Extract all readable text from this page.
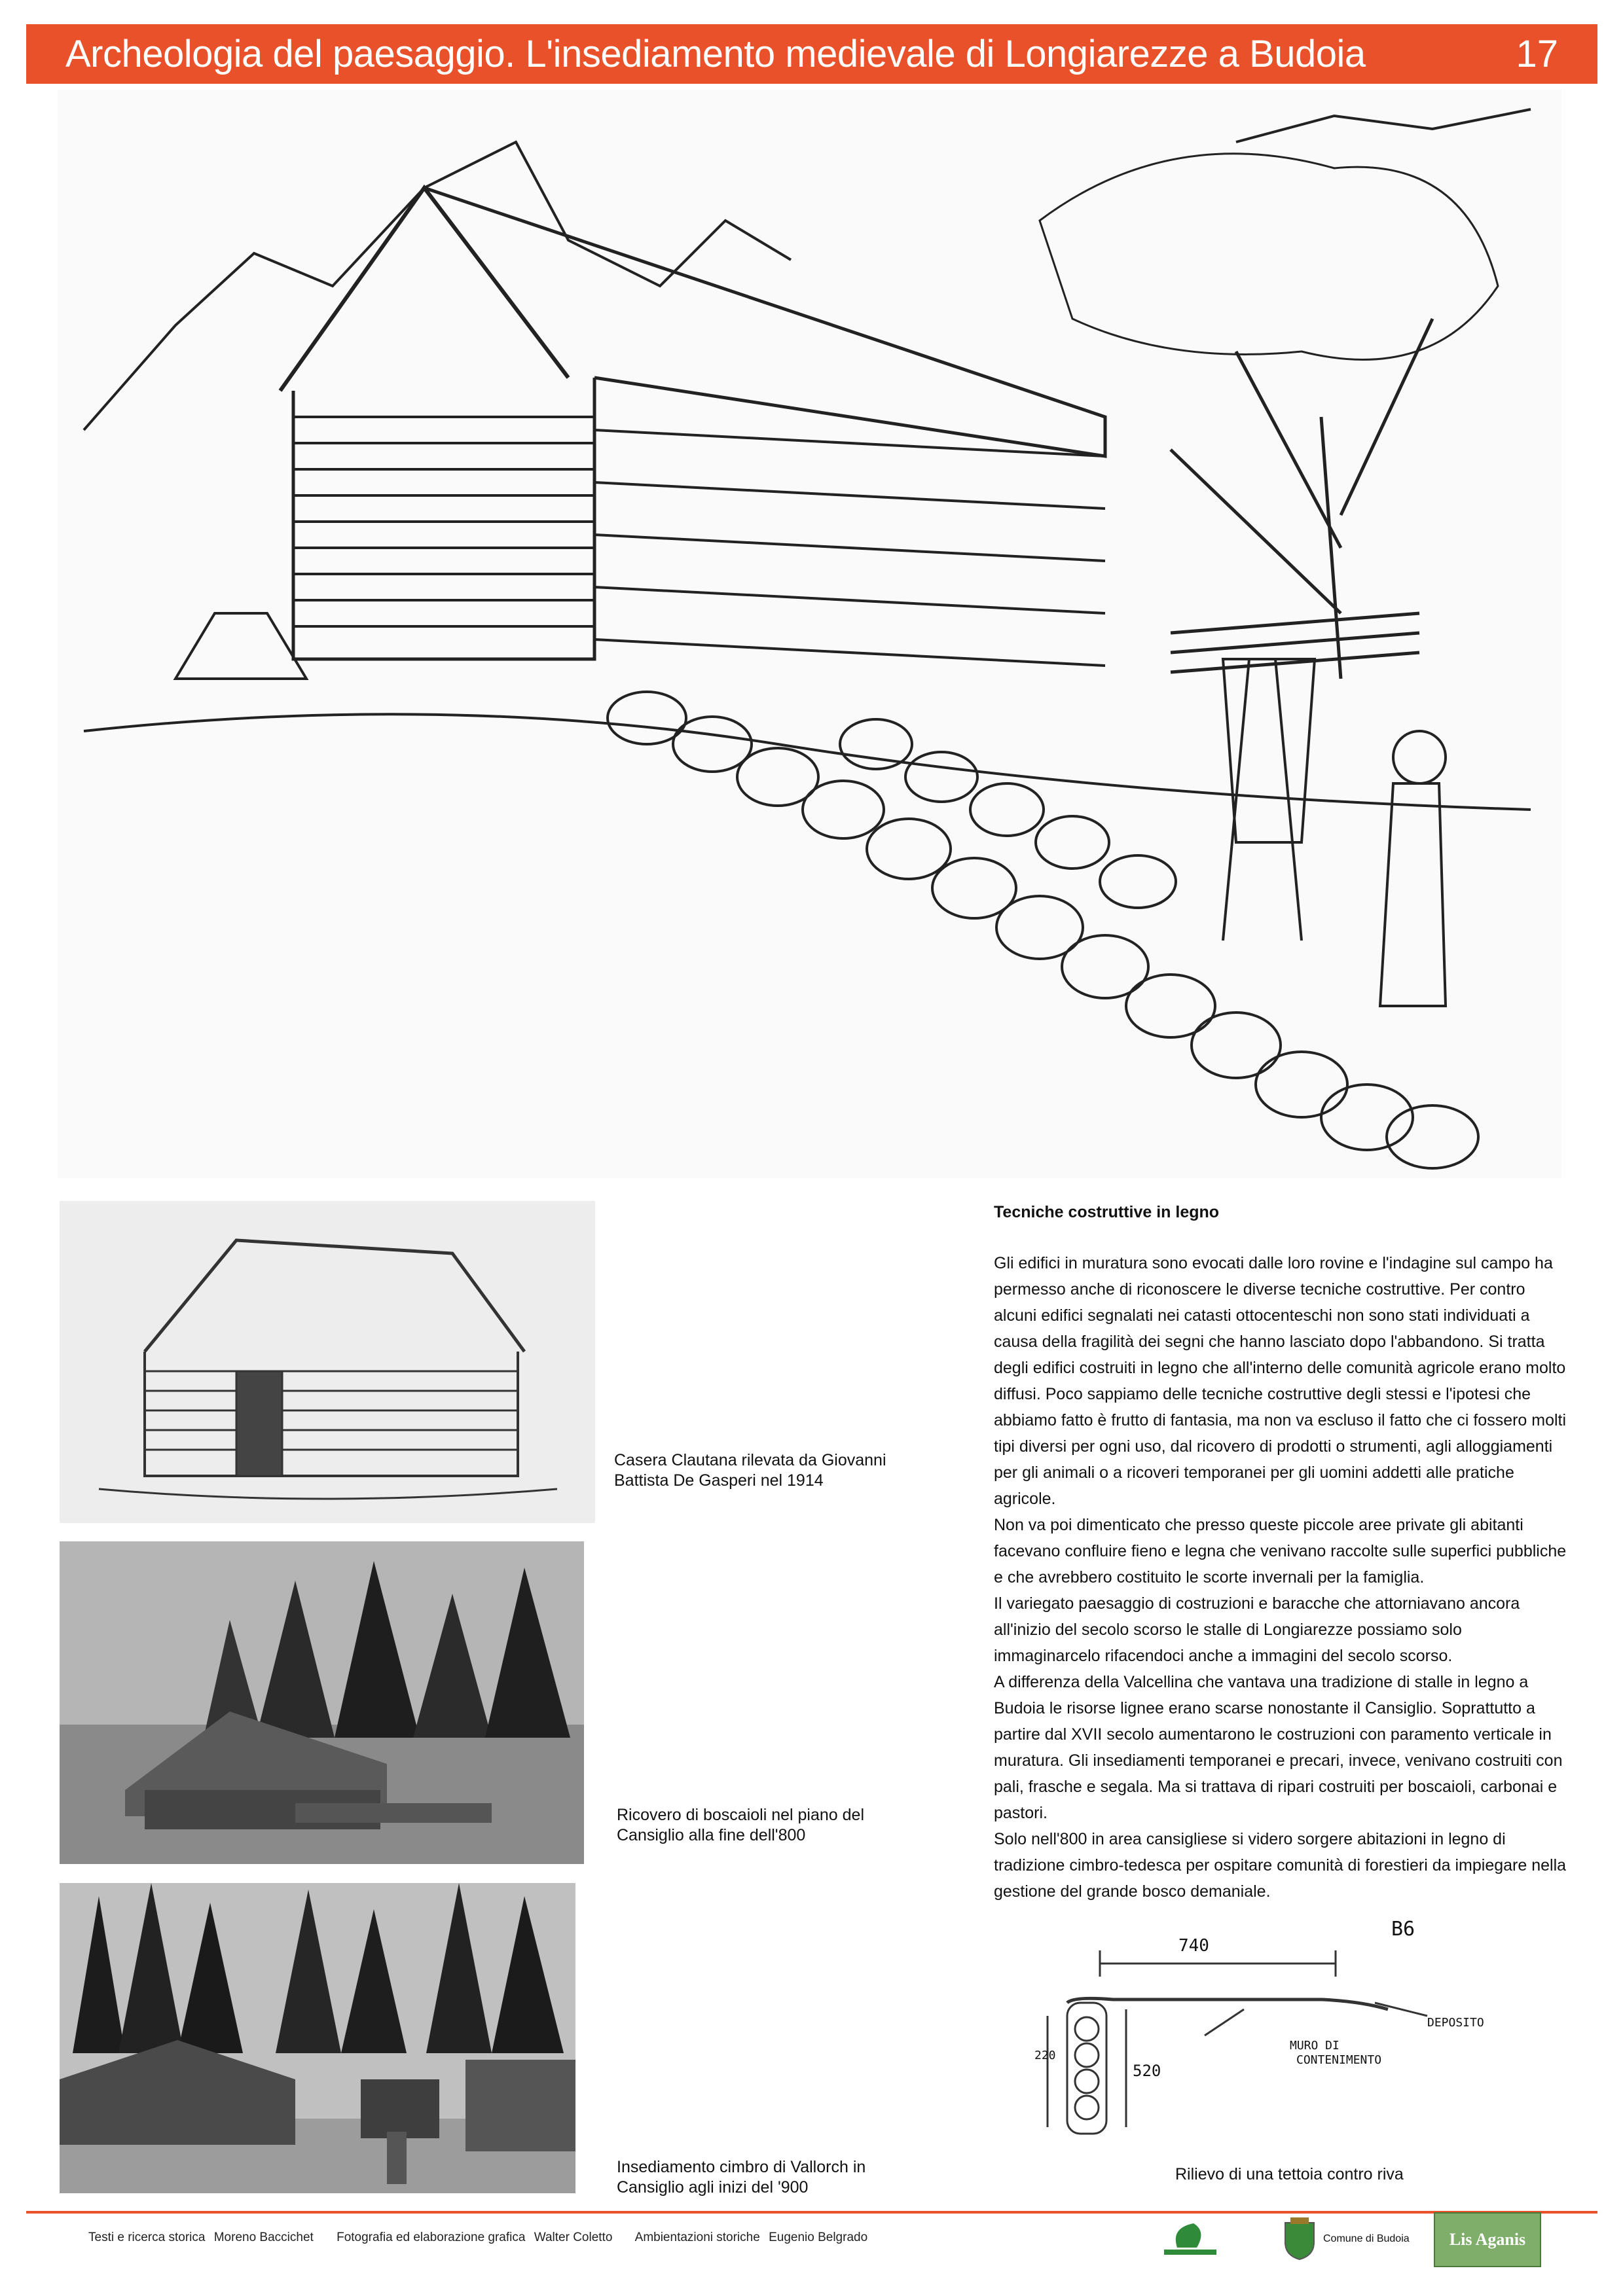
Archeologia del paesaggio. L'insediamento medievale di Longiarezze a Budoia	17
Casera Clautana rilevata da Giovanni Battista De Gasperi nel 1914
Ricovero di boscaioli nel piano del Cansiglio alla fine dell'800
Insediamento cimbro di Vallorch in Cansiglio agli inizi del '900
Tecniche costruttive in legno

Gli edifici in muratura sono evocati dalle loro rovine e l'indagine sul campo ha permesso anche di riconoscere le diverse tecniche costruttive. Per contro alcuni edifici segnalati nei catasti ottocenteschi non sono stati individuati a causa della fragilità dei segni che hanno lasciato dopo l'abbandono. Si tratta degli edifici costruiti in legno che all'interno delle comunità agricole erano molto diffusi. Poco sappiamo delle tecniche costruttive degli stessi e l'ipotesi che abbiamo fatto è frutto di fantasia, ma non va escluso il fatto che ci fossero molti tipi diversi per ogni uso, dal ricovero di prodotti o strumenti, agli alloggiamenti per gli animali o a ricoveri temporanei per gli uomini addetti alle pratiche agricole.

Non va poi dimenticato che presso queste piccole aree private gli abitanti facevano confluire fieno e legna che venivano raccolte sulle superfici pubbliche e che avrebbero costituito le scorte invernali per la famiglia.

Il variegato paesaggio di costruzioni e baracche che attorniavano ancora all'inizio del secolo scorso le stalle di Longiarezze possiamo solo immaginarcelo rifacendoci anche a immagini del secolo scorso.

A differenza della Valcellina che vantava una tradizione di stalle in legno a Budoia le risorse lignee erano scarse nonostante il Cansiglio. Soprattutto a partire dal XVII secolo aumentarono le costruzioni con paramento verticale in muratura. Gli insediamenti temporanei e precari, invece, venivano costruiti con pali, frasche e segala. Ma si trattava di ripari costruiti per boscaioli, carbonai e pastori.

Solo nell'800 in area cansigliese si videro sorgere abitazioni in legno di tradizione cimbro-tedesca per ospitare comunità di forestieri da impiegare nella gestione del grande bosco demaniale.

740
B6
520
220
MURO DI
CONTENIMENTO
DEPOSITO
Rilievo di una tettoia contro riva
Testi e ricerca storica Moreno Baccichet Fotografia ed elaborazione grafica Walter Coletto Ambientazioni storiche Eugenio Belgrado	Comune di Budoia Lis Aganis
